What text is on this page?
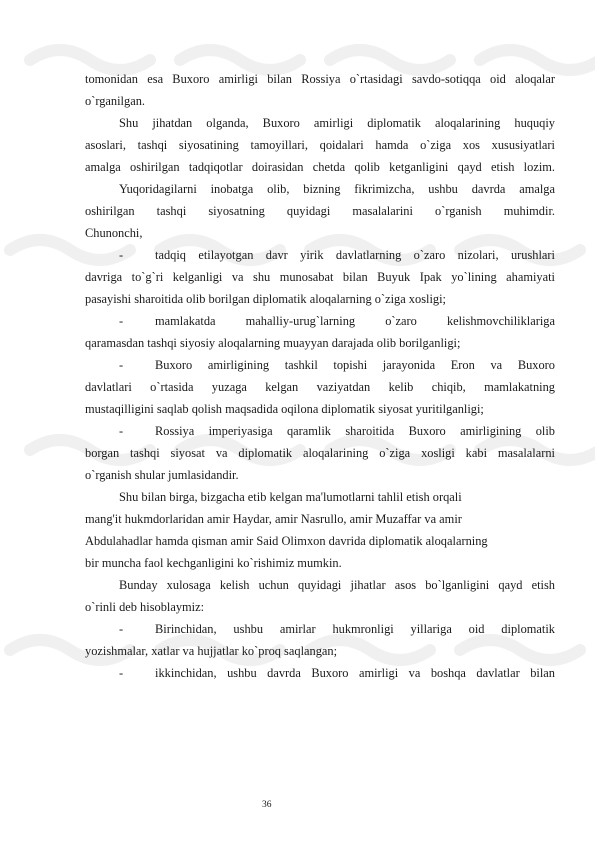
tomonidan esa Buxoro amirligi bilan Rossiya o`rtasidagi savdo-sotiqqa oid aloqalar
o`rganilgan.
Shu jihatdan olganda, Buxoro amirligi diplomatik aloqalarining huquqiy
asoslari, tashqi siyosatining tamoyillari, qoidalari hamda o`ziga xos xususiyatlari
amalga oshirilgan tadqiqotlar doirasidan chetda qolib ketganligini qayd etish lozim.
Yuqoridagilarni inobatga olib, bizning fikrimizcha, ushbu davrda amalga
oshirilgan tashqi siyosatning quyidagi masalalarini o`rganish muhimdir.
Chunonchi,
-	tadqiq etilayotgan davr yirik davlatlarning o`zaro nizolari, urushlari
davriga to`g`ri kelganligi va shu munosabat bilan Buyuk Ipak yo`lining ahamiyati
pasayishi sharoitida olib borilgan diplomatik aloqalarning o`ziga xosligi;
-	mamlakatda mahalliy-urug`larning o`zaro kelishmovchiliklariga
qaramasdan tashqi siyosiy aloqalarning muayyan darajada olib borilganligi;
-	Buxoro amirligining tashkil topishi jarayonida Eron va Buxoro
davlatlari o`rtasida yuzaga kelgan vaziyatdan kelib chiqib, mamlakatning
mustaqilligini saqlab qolish maqsadida oqilona diplomatik siyosat yuritilganligi;
-	Rossiya imperiyasiga qaramlik sharoitida Buxoro amirligining olib
borgan tashqi siyosat va diplomatik aloqalarining o`ziga xosligi kabi masalalarni
o`rganish shular jumlasidandir.
Shu bilan birga, bizgacha etib kelgan ma'lumotlarni tahlil etish orqali
mang'it hukmdorlaridan amir Haydar, amir Nasrullo, amir Muzaffar va amir
Abdulahadlar hamda qisman amir Said Olimxon davrida diplomatik aloqalarning
bir muncha faol kechganligini ko`rishimiz mumkin.
Bunday xulosaga kelish uchun quyidagi jihatlar asos bo`lganligini qayd etish
o`rinli deb hisoblaymiz:
-	Birinchidan, ushbu amirlar hukmronligi yillariga oid diplomatik
yozishmalar, xatlar va hujjatlar ko`proq saqlangan;
-	ikkinchidan, ushbu davrda Buxoro amirligi va boshqa davlatlar bilan
36
